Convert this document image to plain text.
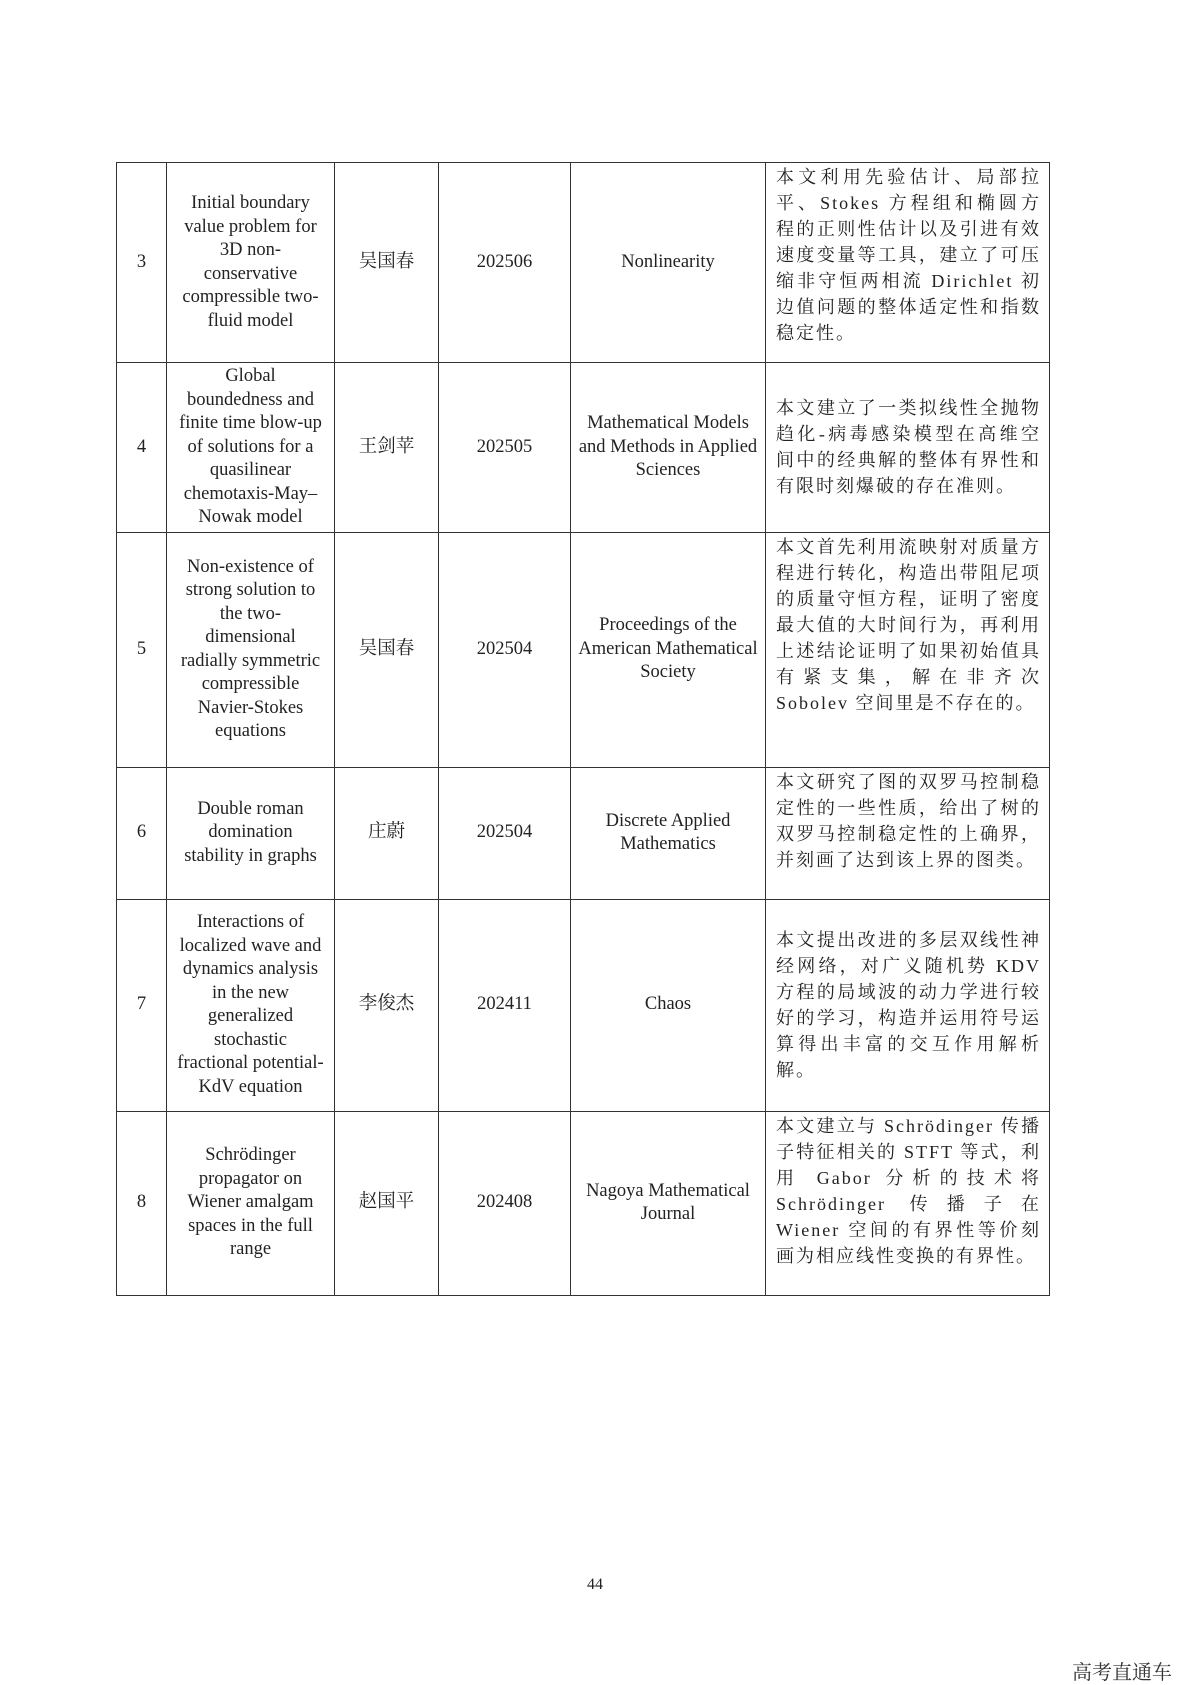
3	Initial boundary value problem for 3D non-conservative compressible two-fluid model	吴国春	202506	Nonlinearity	本文利用先验估计、局部拉平、Stokes 方程组和椭圆方程的正则性估计以及引进有效速度变量等工具，建立了可压缩非守恒两相流 Dirichlet 初边值问题的整体适定性和指数稳定性。
4	Global boundedness and finite time blow-up of solutions for a quasilinear chemotaxis-May–Nowak model	王剑苹	202505	Mathematical Models and Methods in Applied Sciences	本文建立了一类拟线性全抛物趋化-病毒感染模型在高维空间中的经典解的整体有界性和有限时刻爆破的存在准则。
5	Non-existence of strong solution to the two-dimensional radially symmetric compressible Navier-Stokes equations	吴国春	202504	Proceedings of the American Mathematical Society	本文首先利用流映射对质量方程进行转化，构造出带阻尼项的质量守恒方程，证明了密度最大值的大时间行为，再利用上述结论证明了如果初始值具有紧支集，解在非齐次 Sobolev 空间里是不存在的。
6	Double roman domination stability in graphs	庄蔚	202504	Discrete Applied Mathematics	本文研究了图的双罗马控制稳定性的一些性质，给出了树的双罗马控制稳定性的上确界，并刻画了达到该上界的图类。
7	Interactions of localized wave and dynamics analysis in the new generalized stochastic fractional potential-KdV equation	李俊杰	202411	Chaos	本文提出改进的多层双线性神经网络，对广义随机势 KDV 方程的局域波的动力学进行较好的学习，构造并运用符号运算得出丰富的交互作用解析解。
8	Schrödinger propagator on Wiener amalgam spaces in the full range	赵国平	202408	Nagoya Mathematical Journal	本文建立与 Schrödinger 传播子特征相关的 STFT 等式，利用 Gabor 分析的技术将 Schrödinger 传播子在 Wiener 空间的有界性等价刻画为相应线性变换的有界性。
44
高考直通车
